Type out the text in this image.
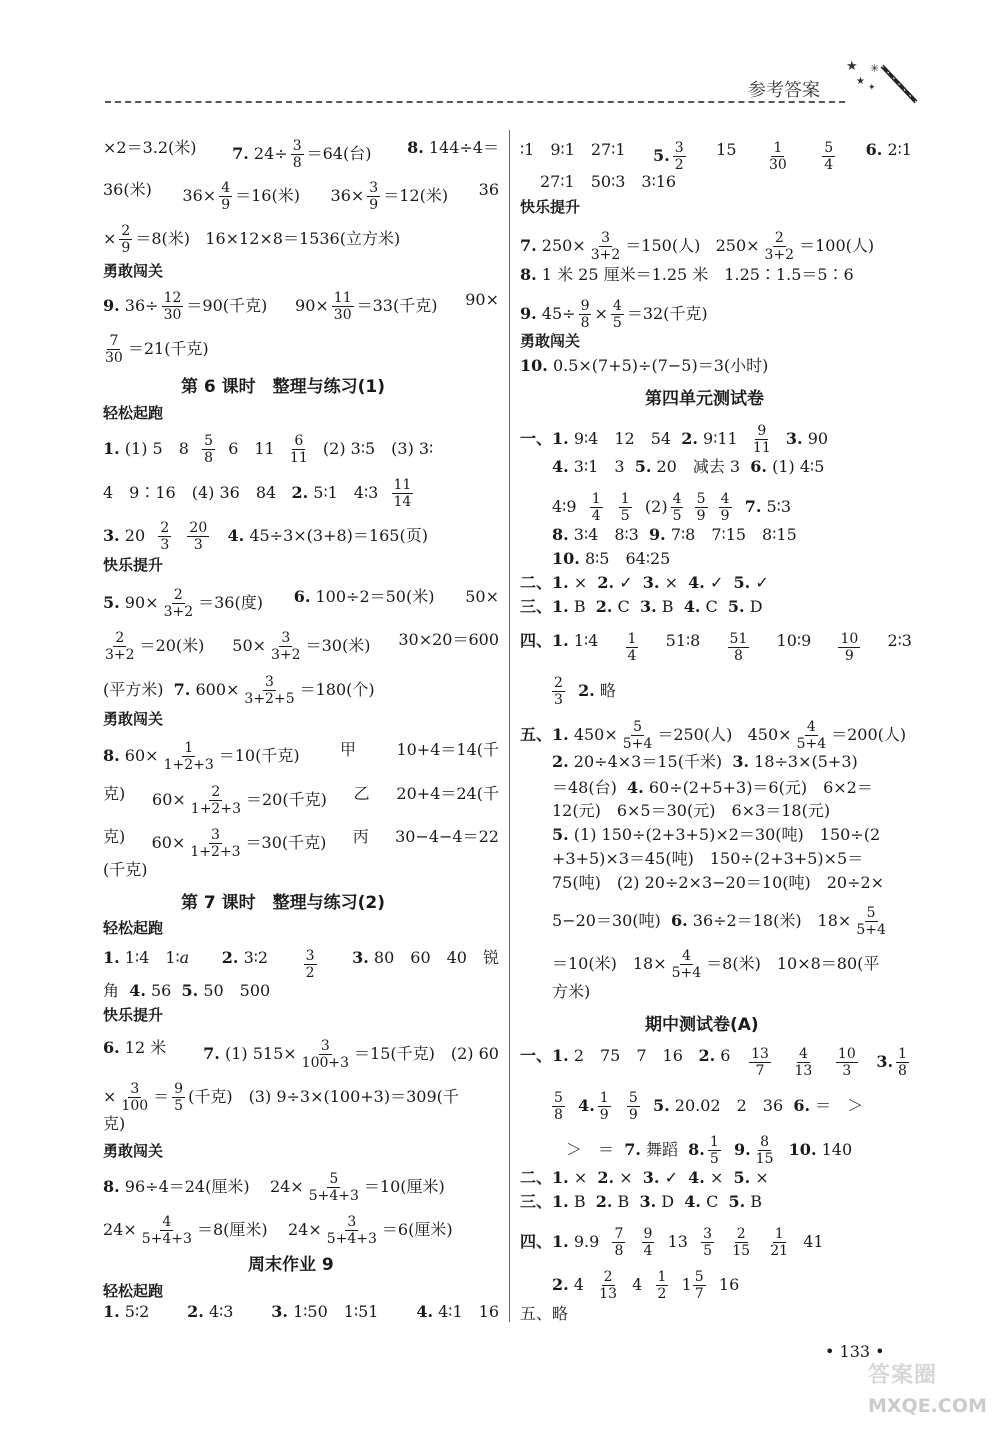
参考答案
★
★
✳
✦
×2＝3.2(米) 7. $24\div \frac{3}{8} =64$(台) 8. 144÷4＝
36(米) $36\times \frac{4}{9} =16$(米) $36\times \frac{3}{9} =12$(米) 36
× $\frac{2}{9} =8$(米) 16×12×8＝1536(立方米)
勇敢闯关
9. $36\div \frac{12}{30} =90$(千克) $90\times \frac{11}{30} =33$(千克) 90×
$\frac{7}{30} =21$(千克)
第 6 课时　整理与练习(1)
轻松起跑
1. (1) 5　$8 \frac{5}{8} 6$　$11 \frac{6}{11} (2)$ 3∶5　(3) 3∶
4　9∶16　(4) 36　84 2. 5∶1　4∶3 $\frac{11}{14}$
3. $20 \frac{2}{3}$
$\frac{20}{3} 4$. 45÷3×(3+8)＝165(页)
快乐提升
5. $90\times \frac{2}{3+2} =36$(度) 6. 100÷2＝50(米) 50×
$\frac{2}{3+2} =20$(米) $50\times \frac{3}{3+2} =30$(米) 30×20＝600
(平方米) 7. $600\times \frac{3}{3+2+5} =180$(个)
勇敢闯关
8. $60\times \frac{1}{1+2+3} =10$(千克)	甲	10+4＝14(千
克) $60\times \frac{2}{1+2+3} =20$(千克) 乙 20+4＝24(千
克) $60\times \frac{3}{1+2+3} =30$(千克) 丙 30−4−4＝22
(千克)
第 7 课时　整理与练习(2)
轻松起跑
1. 1∶4　1∶a 2. 3∶2	$\frac{3}{2} 3$. 80　60　40　锐
角 4. 56 5. 50　500
快乐提升
6. 12 米 7. (1) $515\times \frac{3}{100+3} =15$(千克)　(2) 60
× $\frac{3}{100} = \frac{9}{5}$ (千克)　(3) 9÷3×(100+3)＝309(千
克)
勇敢闯关
8. 96÷4＝24(厘米) $24\times \frac{5}{5+4+3} =10$(厘米)
$24\times \frac{4}{5+4+3} =8$(厘米) $24\times \frac{3}{5+4+3} =6$(厘米)
周末作业 9
轻松起跑
1. 5∶2 2. 4∶3 3. 1∶50　1∶51 4. 4∶1　16
∶1　9∶1　27∶1 5. $\frac{3}{2} 15 \frac{1}{30} \frac{5}{4} 6$. 2∶1
27∶1　50∶3　3∶16
快乐提升
7. $250\times \frac{3}{3+2} =150$(人) $250\times \frac{2}{3+2} =100$(人)
8. 1 米 25 厘米＝1.25 米　1.25∶1.5＝5∶6
9. $45\div \frac{9}{8} \times \frac{4}{5} =32$(千克)
勇敢闯关
10. 0.5×(7+5)÷(7−5)＝3(小时)
第四单元测试卷
一、1. 9∶4　12　54 2. 9∶11 $\frac{9}{11} 3$. 90
4. 3∶1　3 5. 20　减去 3 6. (1) 4∶5
4∶9 $\frac{1}{4}$
$\frac{1}{5} (2) \frac{4}{5}$
$\frac{5}{9}$
$\frac{4}{9} 7$. 5∶3
8. 3∶4　8∶3 9. 7∶8　7∶15　8∶15
10. 8∶5　64∶25
二、1. × 2. ✓ 3. × 4. ✓ 5. ✓
三、1. B 2. C 3. B 4. C 5. D
四、1. 1∶4 $\frac{1}{4}$ 51∶8 $\frac{51}{8}$ 10∶9 $\frac{10}{9}$ 2∶3
$\frac{2}{3} 2$. 略
五、1. $450\times \frac{5}{5+4} =250$(人) $450\times \frac{4}{5+4} =200$(人)
2. 20÷4×3＝15(千米) 3. 18÷3×(5+3)
＝48(台) 4. 60÷(2+5+3)＝6(元)　6×2＝
12(元)　6×5＝30(元)　6×3＝18(元)
5. (1) 150÷(2+3+5)×2＝30(吨)　150÷(2
+3+5)×3＝45(吨)　150÷(2+3+5)×5＝
75(吨)　(2) 20÷2×3−20＝10(吨)　20÷2×
5−20＝30(吨) 6. 36÷2＝18(米)　$18\times \frac{5}{5+4}$
＝10(米)　$18\times \frac{4}{5+4} =8$(米)　10×8＝80(平
方米)
期中测试卷(A)
一、1. 2　75　7　16 2. $6 \frac{13}{7} \frac{4}{13} \frac{10}{3} 3$. $\frac{1}{8}$
$\frac{5}{8} 4$. $\frac{1}{9}$
$\frac{5}{9} 5$. 20.02　2　36 6. ＝　＞
＞　＝ 7. 舞蹈 8. $\frac{1}{5} 9$. $\frac{8}{15} 10$. 140
二、1. × 2. × 3. ✓ 4. × 5. ×
三、1. B 2. B 3. D 4. C 5. B
四、1. $9.9 \frac{7}{8}$
$\frac{9}{4} 13 \frac{3}{5}$
$\frac{2}{15}$
$\frac{1}{21} 41$
2. $4 \frac{2}{13} 4 \frac{1}{2} 1 \frac{5}{7} 16$
五、略
• 133 •
答案圈
MXQE.COM
